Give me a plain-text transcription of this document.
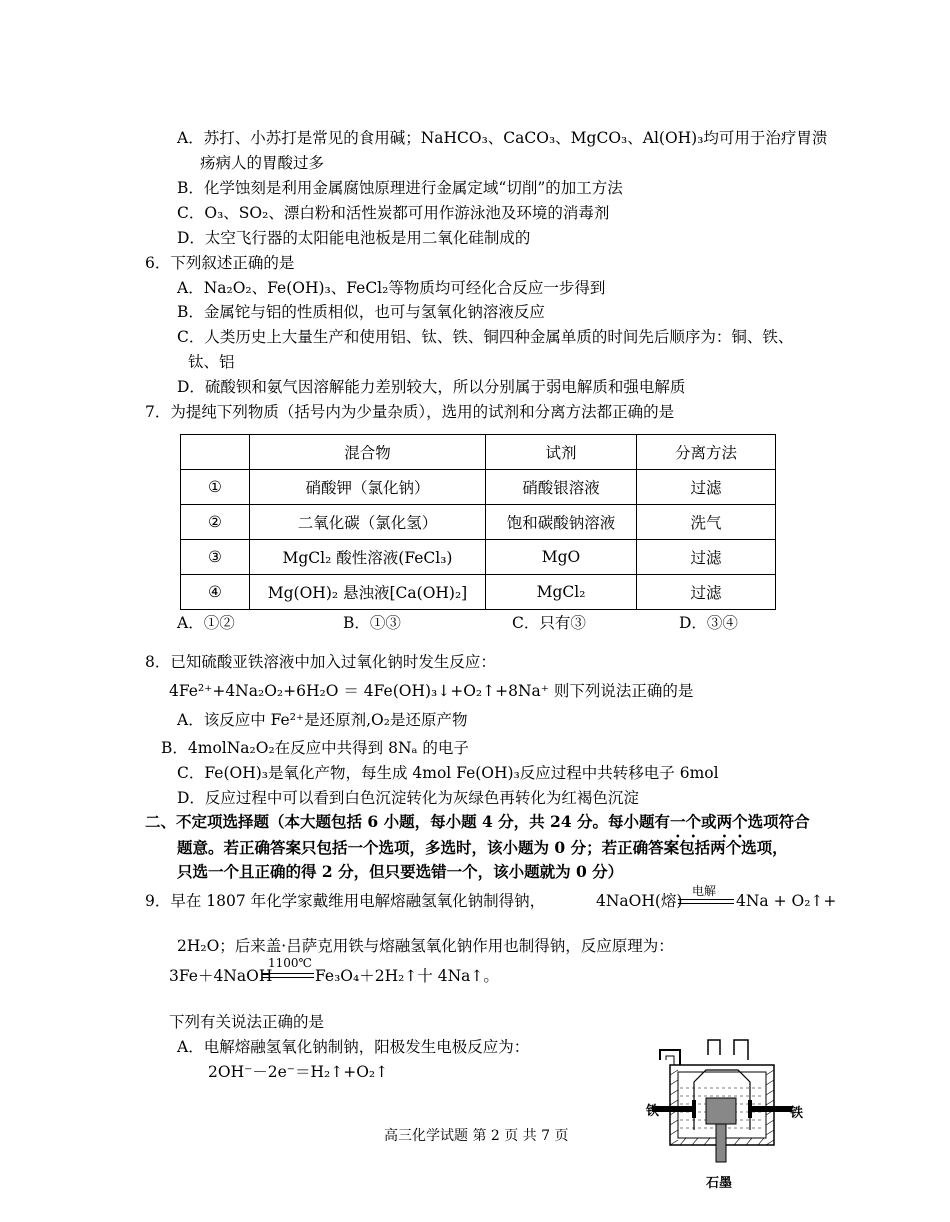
A．苏打、小苏打是常见的食用碱；NaHCO₃、CaCO₃、MgCO₃、Al(OH)₃均可用于治疗胃溃
疡病人的胃酸过多
B．化学蚀刻是利用金属腐蚀原理进行金属定域“切削”的加工方法
C．O₃、SO₂、漂白粉和活性炭都可用作游泳池及环境的消毒剂
D．太空飞行器的太阳能电池板是用二氧化硅制成的
6．下列叙述正确的是
A．Na₂O₂、Fe(OH)₃、FeCl₂等物质均可经化合反应一步得到
B．金属铊与铝的性质相似，也可与氢氧化钠溶液反应
C．人类历史上大量生产和使用铝、钛、铁、铜四种金属单质的时间先后顺序为：铜、铁、
钛、铝
D．硫酸钡和氨气因溶解能力差别较大，所以分别属于弱电解质和强电解质
7．为提纯下列物质（括号内为少量杂质），选用的试剂和分离方法都正确的是
	混合物	试剂	分离方法
①	硝酸钾（氯化钠）	硝酸银溶液	过滤
②	二氧化碳（氯化氢）	饱和碳酸钠溶液	洗气
③	MgCl₂ 酸性溶液(FeCl₃)	MgO	过滤
④	Mg(OH)₂ 悬浊液[Ca(OH)₂]	MgCl₂	过滤
A．①②	B．①③	C．只有③	D．③④
8．已知硫酸亚铁溶液中加入过氧化钠时发生反应：
4Fe²⁺+4Na₂O₂+6H₂O ＝ 4Fe(OH)₃↓+O₂↑+8Na⁺ 则下列说法正确的是
A．该反应中 Fe²⁺是还原剂,O₂是还原产物
B．4molNa₂O₂在反应中共得到 8Nₐ 的电子
C．Fe(OH)₃是氧化产物，每生成 4mol Fe(OH)₃反应过程中共转移电子 6mol
D．反应过程中可以看到白色沉淀转化为灰绿色再转化为红褐色沉淀
二、不定项选择题（本大题包括 6 小题，每小题 4 分，共 24 分。每小题有一个或两个选项符合
题意。若正确答案只包括一个选项，多选时，该小题为 0 分；若正确答案包括两个选项，
只选一个且正确的得 2 分，但只要选错一个，该小题就为 0 分）
9．早在 1807 年化学家戴维用电解熔融氢氧化钠制得钠，	4NaOH(熔)
电解
4Na + O₂↑+
2H₂O；后来盖·吕萨克用铁与熔融氢氧化钠作用也制得钠，反应原理为：
3Fe＋4NaOH
1100℃
Fe₃O₄＋2H₂↑十 4Na↑。
下列有关说法正确的是
A．电解熔融氢氧化钠制钠，阳极发生电极反应为：
2OH⁻－2e⁻＝H₂↑+O₂↑
铁	铁
石墨
高三化学试题 第 2 页 共 7 页
